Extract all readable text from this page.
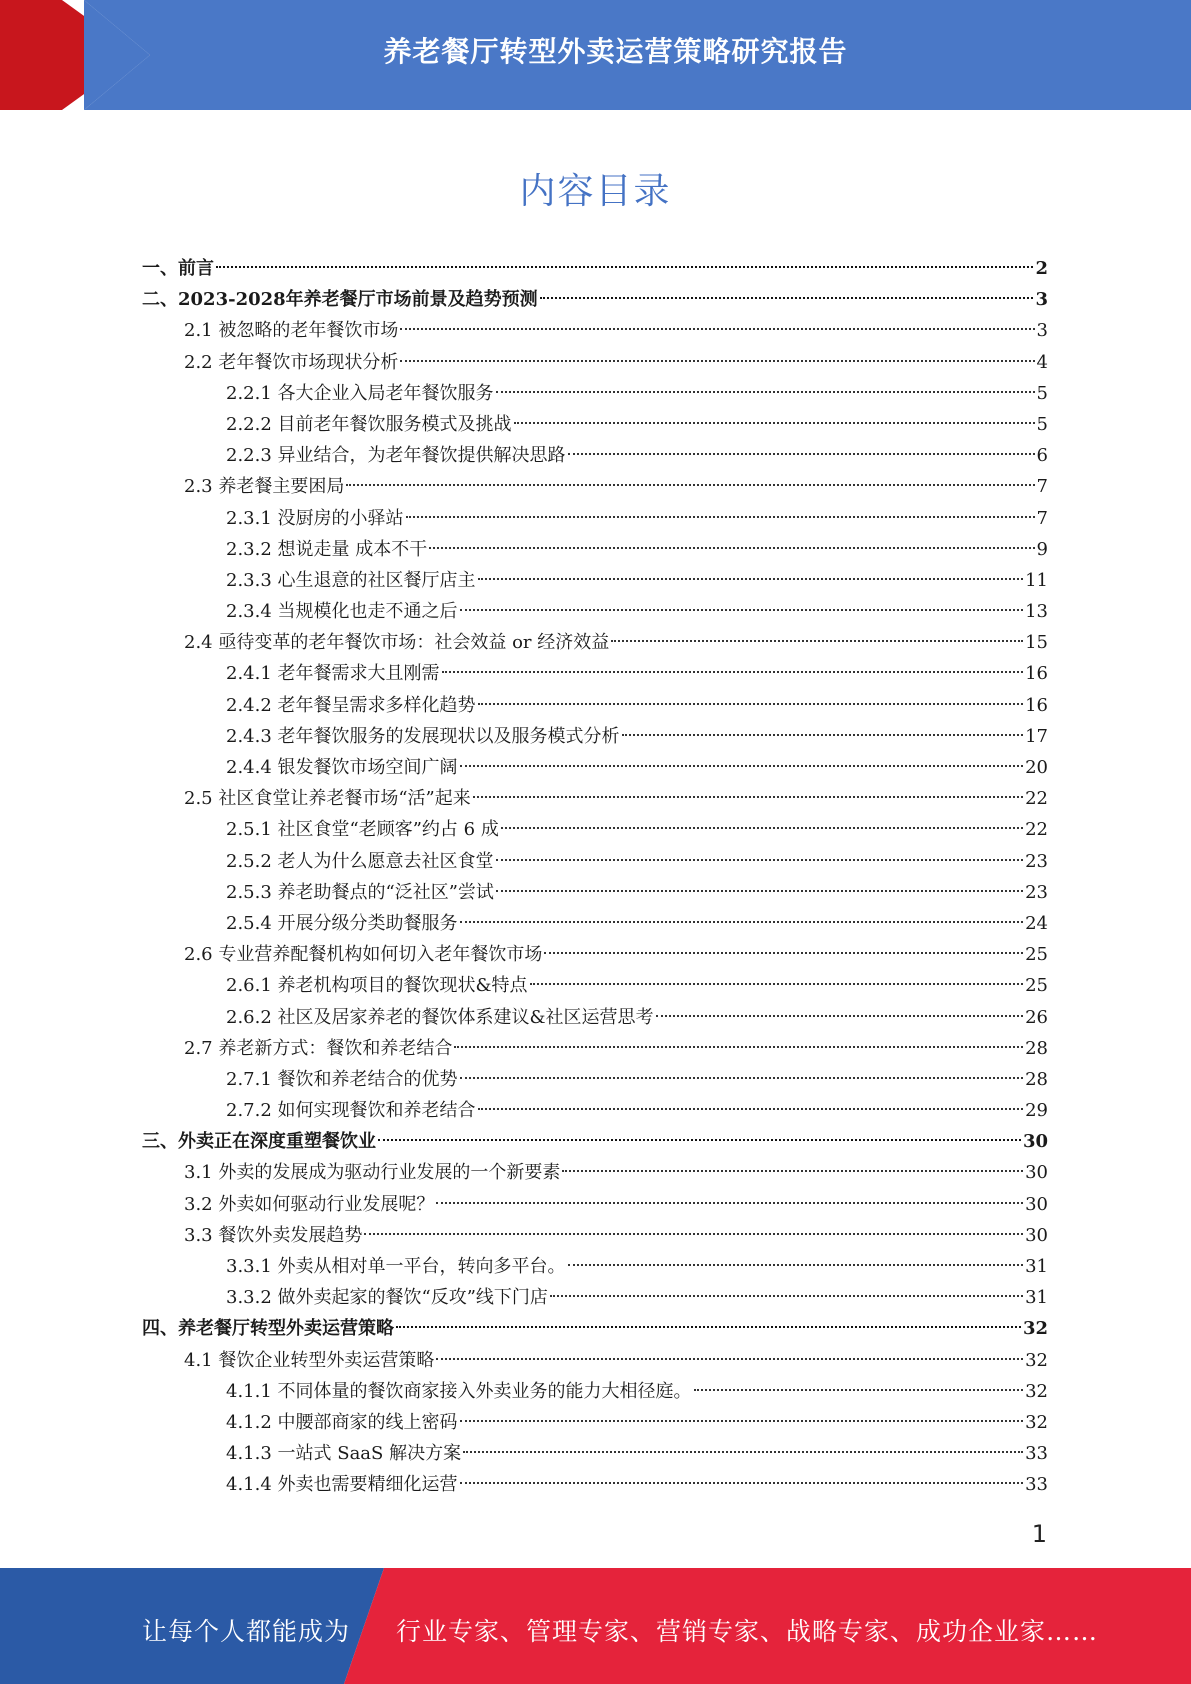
养老餐厅转型外卖运营策略研究报告
内容目录
一、前言	2
二、2023-2028年养老餐厅市场前景及趋势预测	3
2.1 被忽略的老年餐饮市场	3
2.2 老年餐饮市场现状分析	4
2.2.1 各大企业入局老年餐饮服务	5
2.2.2 目前老年餐饮服务模式及挑战	5
2.2.3 异业结合，为老年餐饮提供解决思路	6
2.3 养老餐主要困局	7
2.3.1 没厨房的小驿站	7
2.3.2 想说走量 成本不干	9
2.3.3 心生退意的社区餐厅店主	11
2.3.4 当规模化也走不通之后	13
2.4 亟待变革的老年餐饮市场：社会效益 or 经济效益	15
2.4.1 老年餐需求大且刚需	16
2.4.2 老年餐呈需求多样化趋势	16
2.4.3 老年餐饮服务的发展现状以及服务模式分析	17
2.4.4 银发餐饮市场空间广阔	20
2.5 社区食堂让养老餐市场“活”起来	22
2.5.1 社区食堂“老顾客”约占 6 成	22
2.5.2 老人为什么愿意去社区食堂	23
2.5.3 养老助餐点的“泛社区”尝试	23
2.5.4 开展分级分类助餐服务	24
2.6 专业营养配餐机构如何切入老年餐饮市场	25
2.6.1 养老机构项目的餐饮现状&特点	25
2.6.2 社区及居家养老的餐饮体系建议&社区运营思考	26
2.7 养老新方式：餐饮和养老结合	28
2.7.1 餐饮和养老结合的优势	28
2.7.2 如何实现餐饮和养老结合	29
三、外卖正在深度重塑餐饮业	30
3.1 外卖的发展成为驱动行业发展的一个新要素	30
3.2 外卖如何驱动行业发展呢？	30
3.3 餐饮外卖发展趋势	30
3.3.1 外卖从相对单一平台，转向多平台。	31
3.3.2 做外卖起家的餐饮“反攻”线下门店	31
四、养老餐厅转型外卖运营策略	32
4.1 餐饮企业转型外卖运营策略	32
4.1.1 不同体量的餐饮商家接入外卖业务的能力大相径庭。	32
4.1.2 中腰部商家的线上密码	32
4.1.3 一站式 SaaS 解决方案	33
4.1.4 外卖也需要精细化运营	33
1
让每个人都能成为 行业专家、管理专家、营销专家、战略专家、成功企业家……
